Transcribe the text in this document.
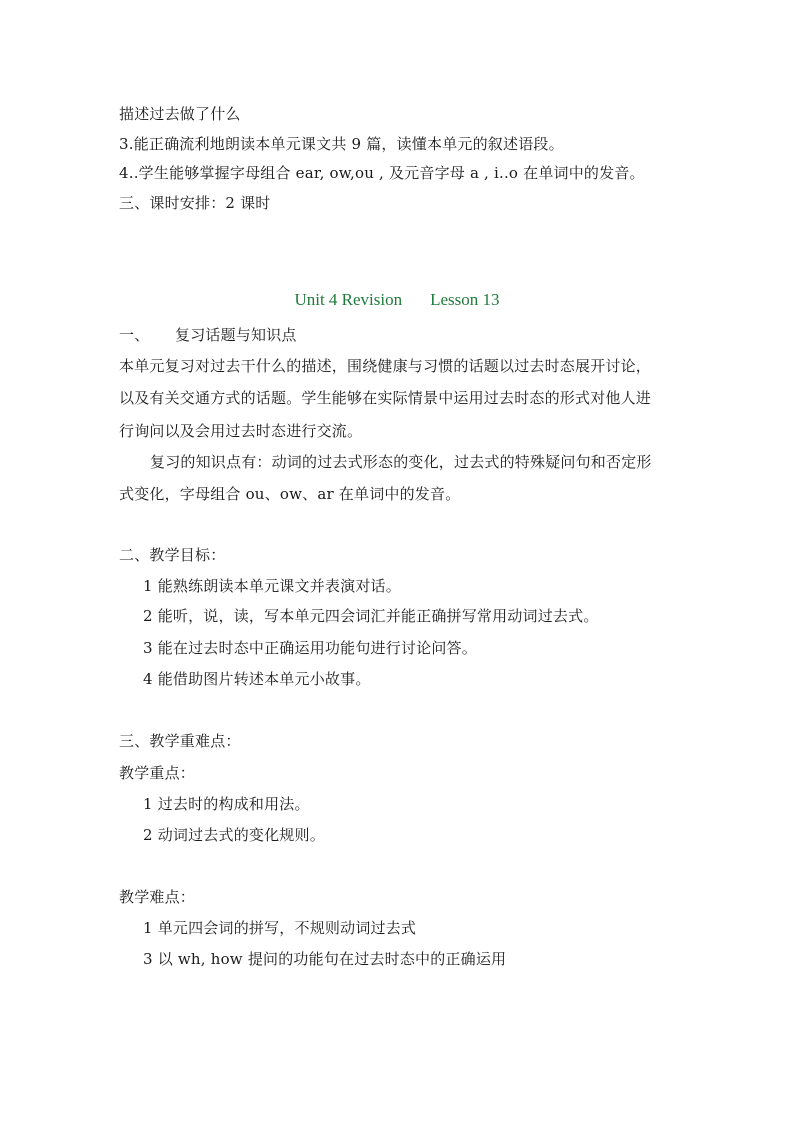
描述过去做了什么
3.能正确流利地朗读本单元课文共 9 篇，读懂本单元的叙述语段。
4..学生能够掌握字母组合 ear, ow,ou , 及元音字母 a , i..o 在单词中的发音。
三、课时安排：2 课时
Unit 4 Revision Lesson 13
一、 复习话题与知识点
本单元复习对过去干什么的描述，围绕健康与习惯的话题以过去时态展开讨论，
以及有关交通方式的话题。学生能够在实际情景中运用过去时态的形式对他人进
行询问以及会用过去时态进行交流。
复习的知识点有：动词的过去式形态的变化，过去式的特殊疑问句和否定形
式变化，字母组合 ou、ow、ar 在单词中的发音。
二、教学目标：
1 能熟练朗读本单元课文并表演对话。
2 能听，说，读，写本单元四会词汇并能正确拼写常用动词过去式。
3 能在过去时态中正确运用功能句进行讨论问答。
4 能借助图片转述本单元小故事。
三、教学重难点：
教学重点：
1 过去时的构成和用法。
2 动词过去式的变化规则。
教学难点：
1 单元四会词的拼写，不规则动词过去式
3 以 wh, how 提问的功能句在过去时态中的正确运用
